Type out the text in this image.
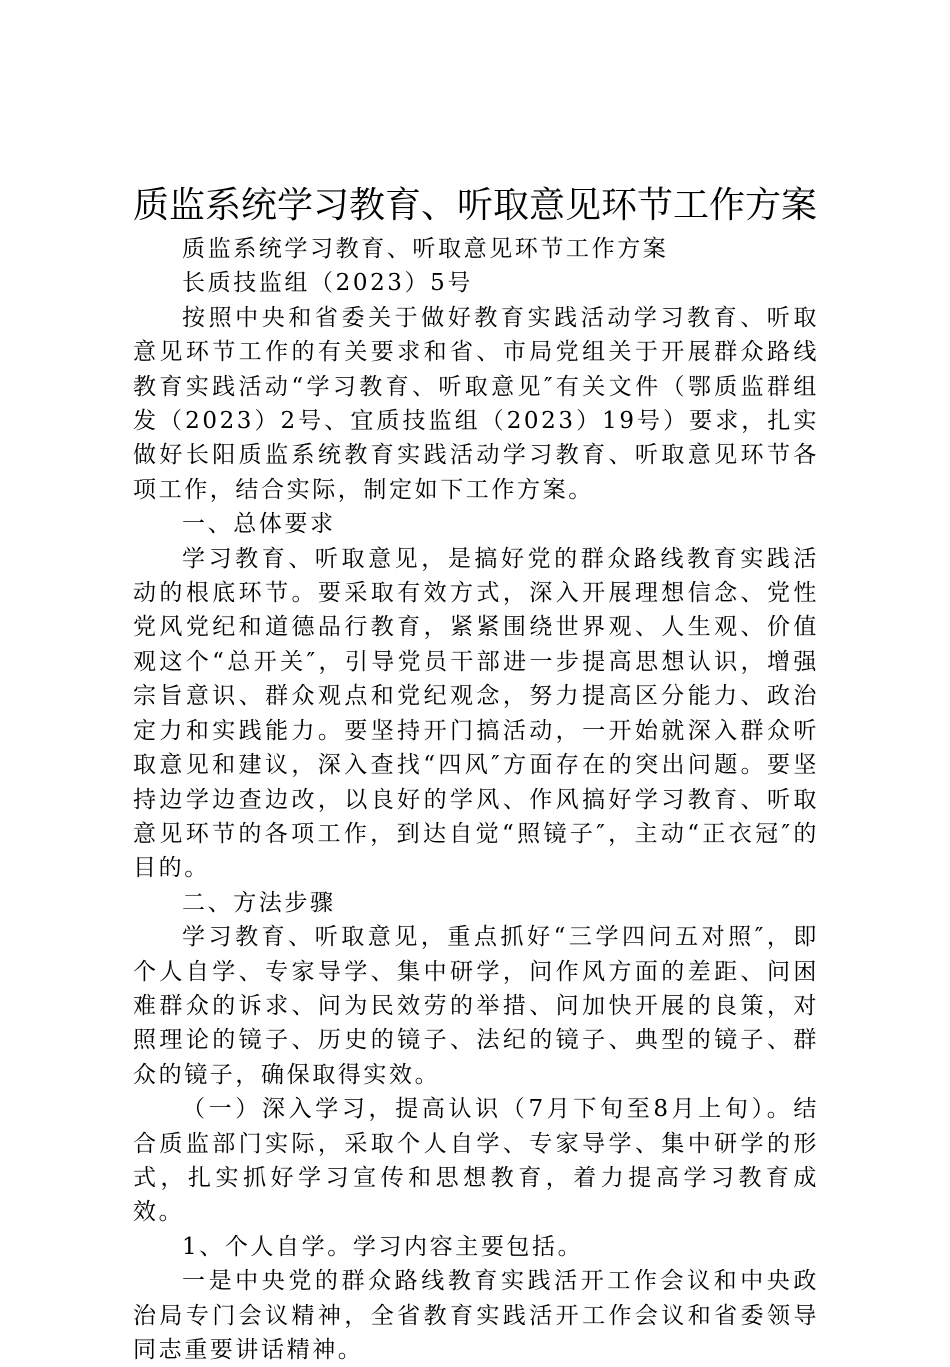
质监系统学习教育、听取意见环节工作方案

质监系统学习教育、听取意见环节工作方案

长质技监组（2023）5号

按照中央和省委关于做好教育实践活动学习教育、听取意见环节工作的有关要求和省、市局党组关于开展群众路线教育实践活动“学习教育、听取意见″有关文件（鄂质监群组发（2023）2号、宜质技监组（2023）19号）要求，扎实做好长阳质监系统教育实践活动学习教育、听取意见环节各项工作，结合实际，制定如下工作方案。

一、总体要求

学习教育、听取意见，是搞好党的群众路线教育实践活动的根底环节。要采取有效方式，深入开展理想信念、党性党风党纪和道德品行教育，紧紧围绕世界观、人生观、价值观这个“总开关″，引导党员干部进一步提高思想认识，增强宗旨意识、群众观点和党纪观念，努力提高区分能力、政治定力和实践能力。要坚持开门搞活动，一开始就深入群众听取意见和建议，深入查找“四风″方面存在的突出问题。要坚持边学边查边改，以良好的学风、作风搞好学习教育、听取意见环节的各项工作，到达自觉“照镜子″，主动“正衣冠″的目的。

二、方法步骤

学习教育、听取意见，重点抓好“三学四问五对照″，即个人自学、专家导学、集中研学，问作风方面的差距、问困难群众的诉求、问为民效劳的举措、问加快开展的良策，对照理论的镜子、历史的镜子、法纪的镜子、典型的镜子、群众的镜子，确保取得实效。

（一）深入学习，提高认识（7月下旬至8月上旬）。结合质监部门实际，采取个人自学、专家导学、集中研学的形式，扎实抓好学习宣传和思想教育，着力提高学习教育成效。

1、个人自学。学习内容主要包括。

一是中央党的群众路线教育实践活开工作会议和中央政治局专门会议精神，全省教育实践活开工作会议和省委领导同志重要讲话精神。
